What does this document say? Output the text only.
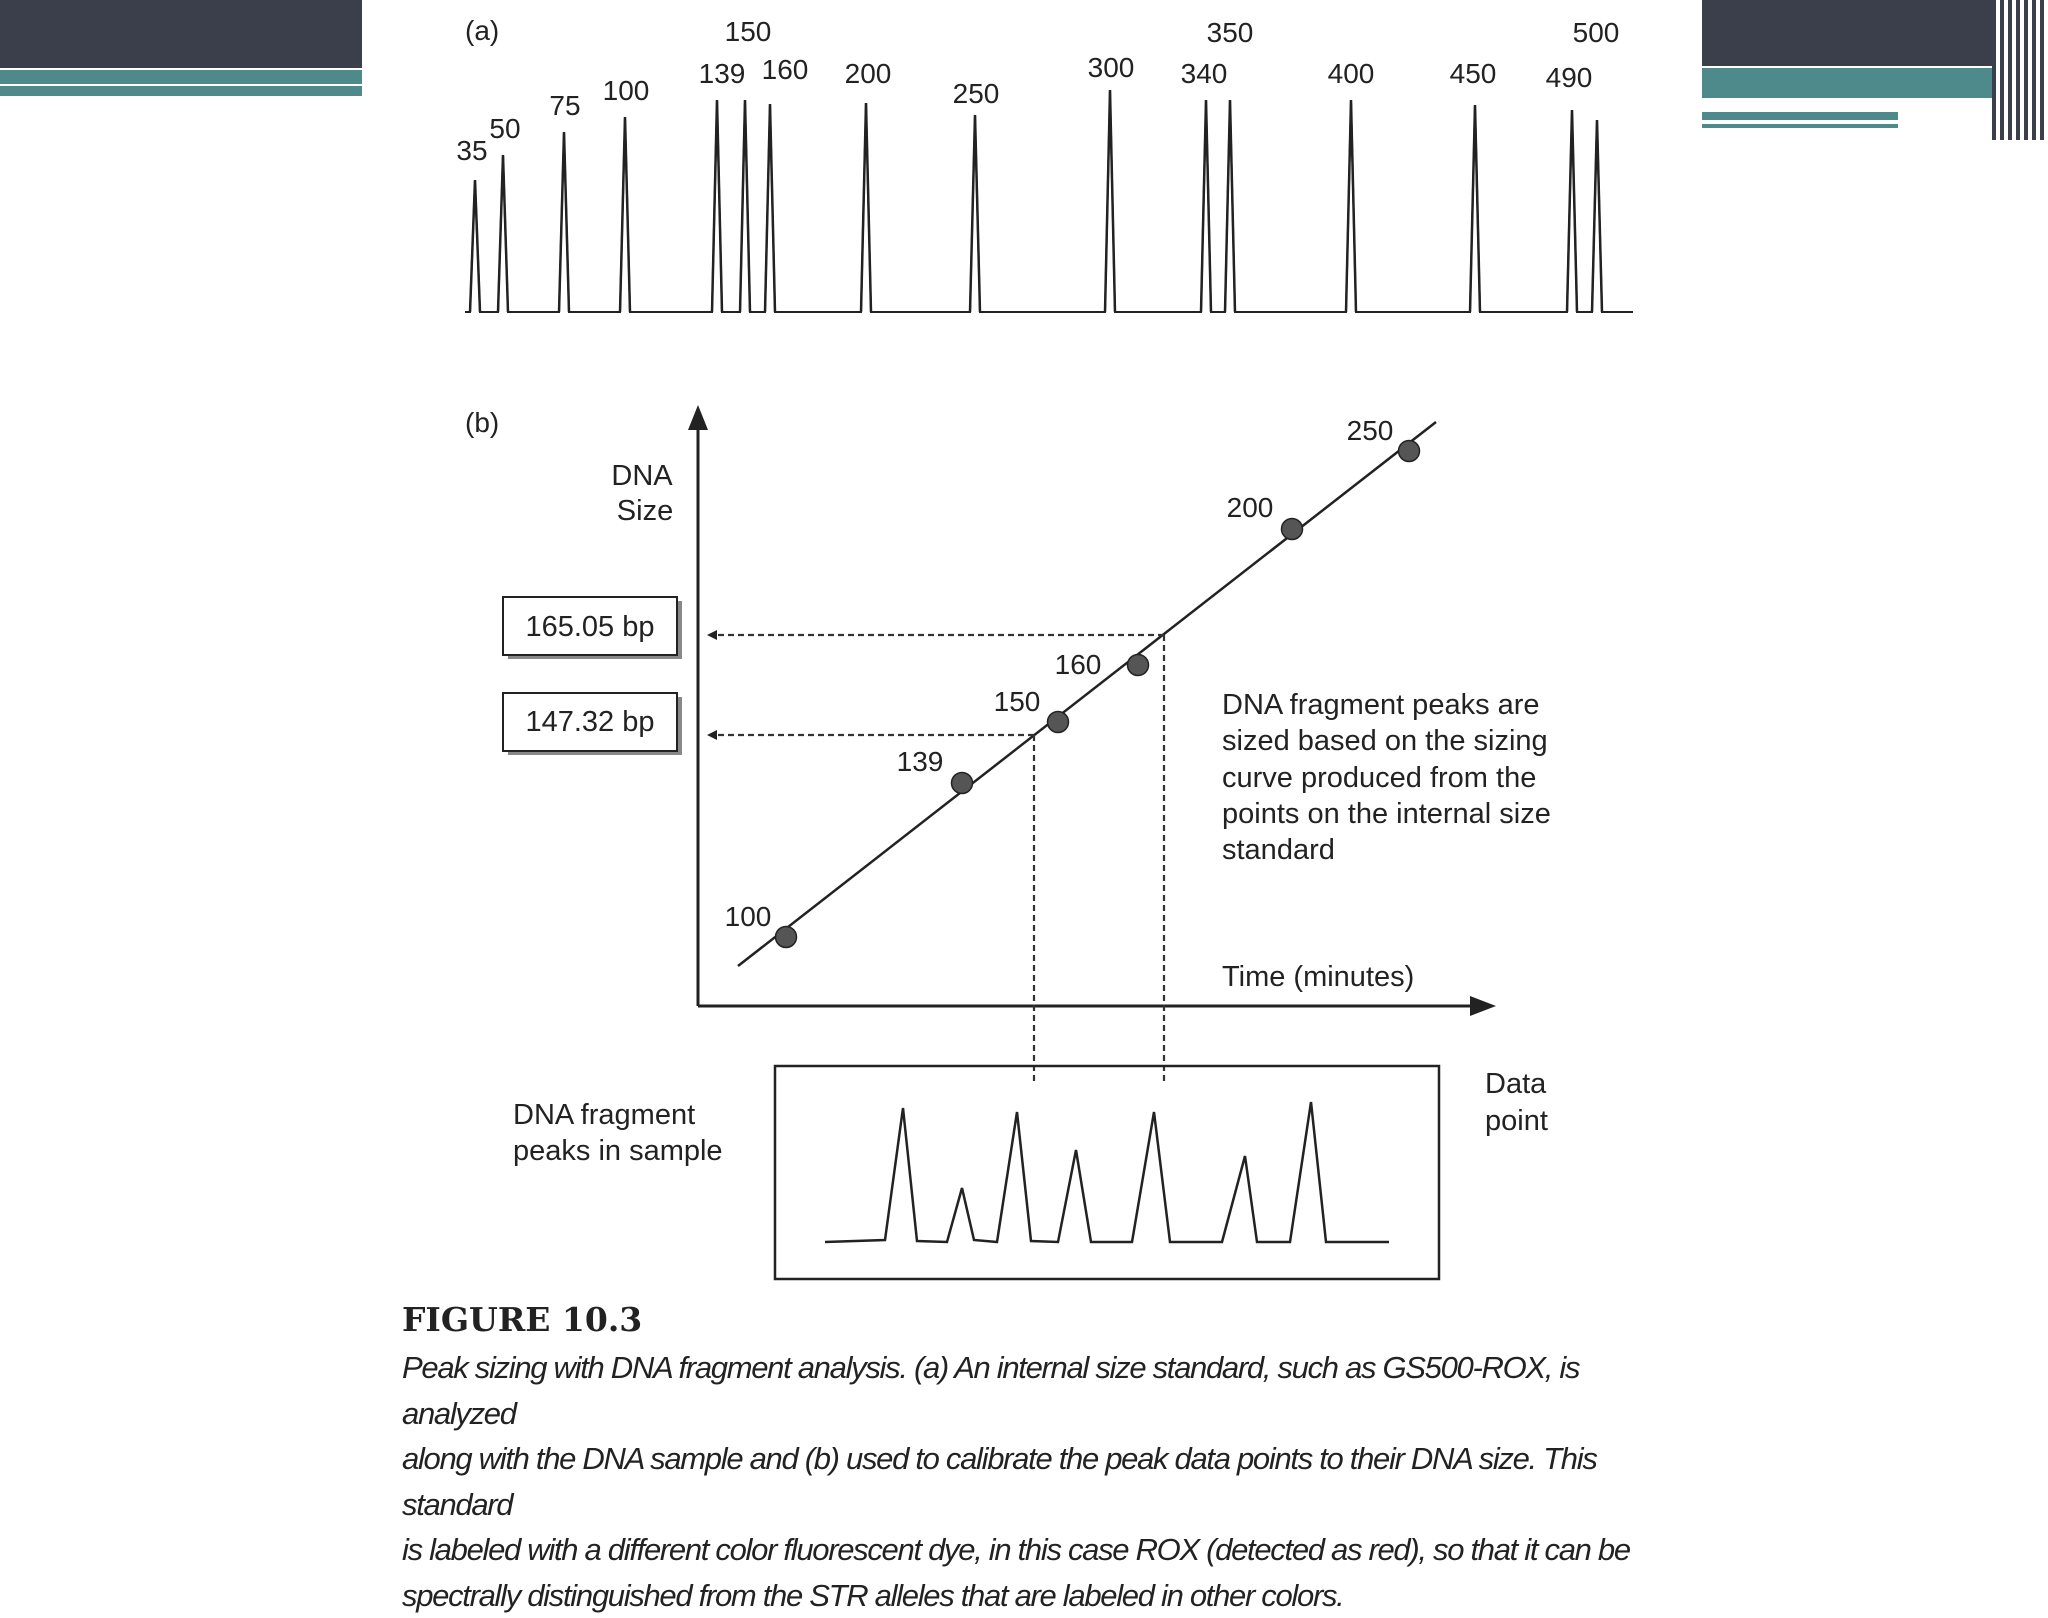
(a)
35
50
75 100
139
150
160 200
250
300 340
350
400	450 490
500
(b)
DNA
Size
Time (minutes)
100
139
150
160
200
250
165.05 bp
147.32 bp
DNA fragment peaks are
sized based on the sizing
curve produced from the
points on the internal size
standard
DNA fragment
peaks in sample
Data
point
FIGURE 10.3

Peak sizing with DNA fragment analysis. (a) An internal size standard, such as GS500-ROX, is analyzed
along with the DNA sample and (b) used to calibrate the peak data points to their DNA size. This standard
is labeled with a different color fluorescent dye, in this case ROX (detected as red), so that it can be
spectrally distinguished from the STR alleles that are labeled in other colors.
